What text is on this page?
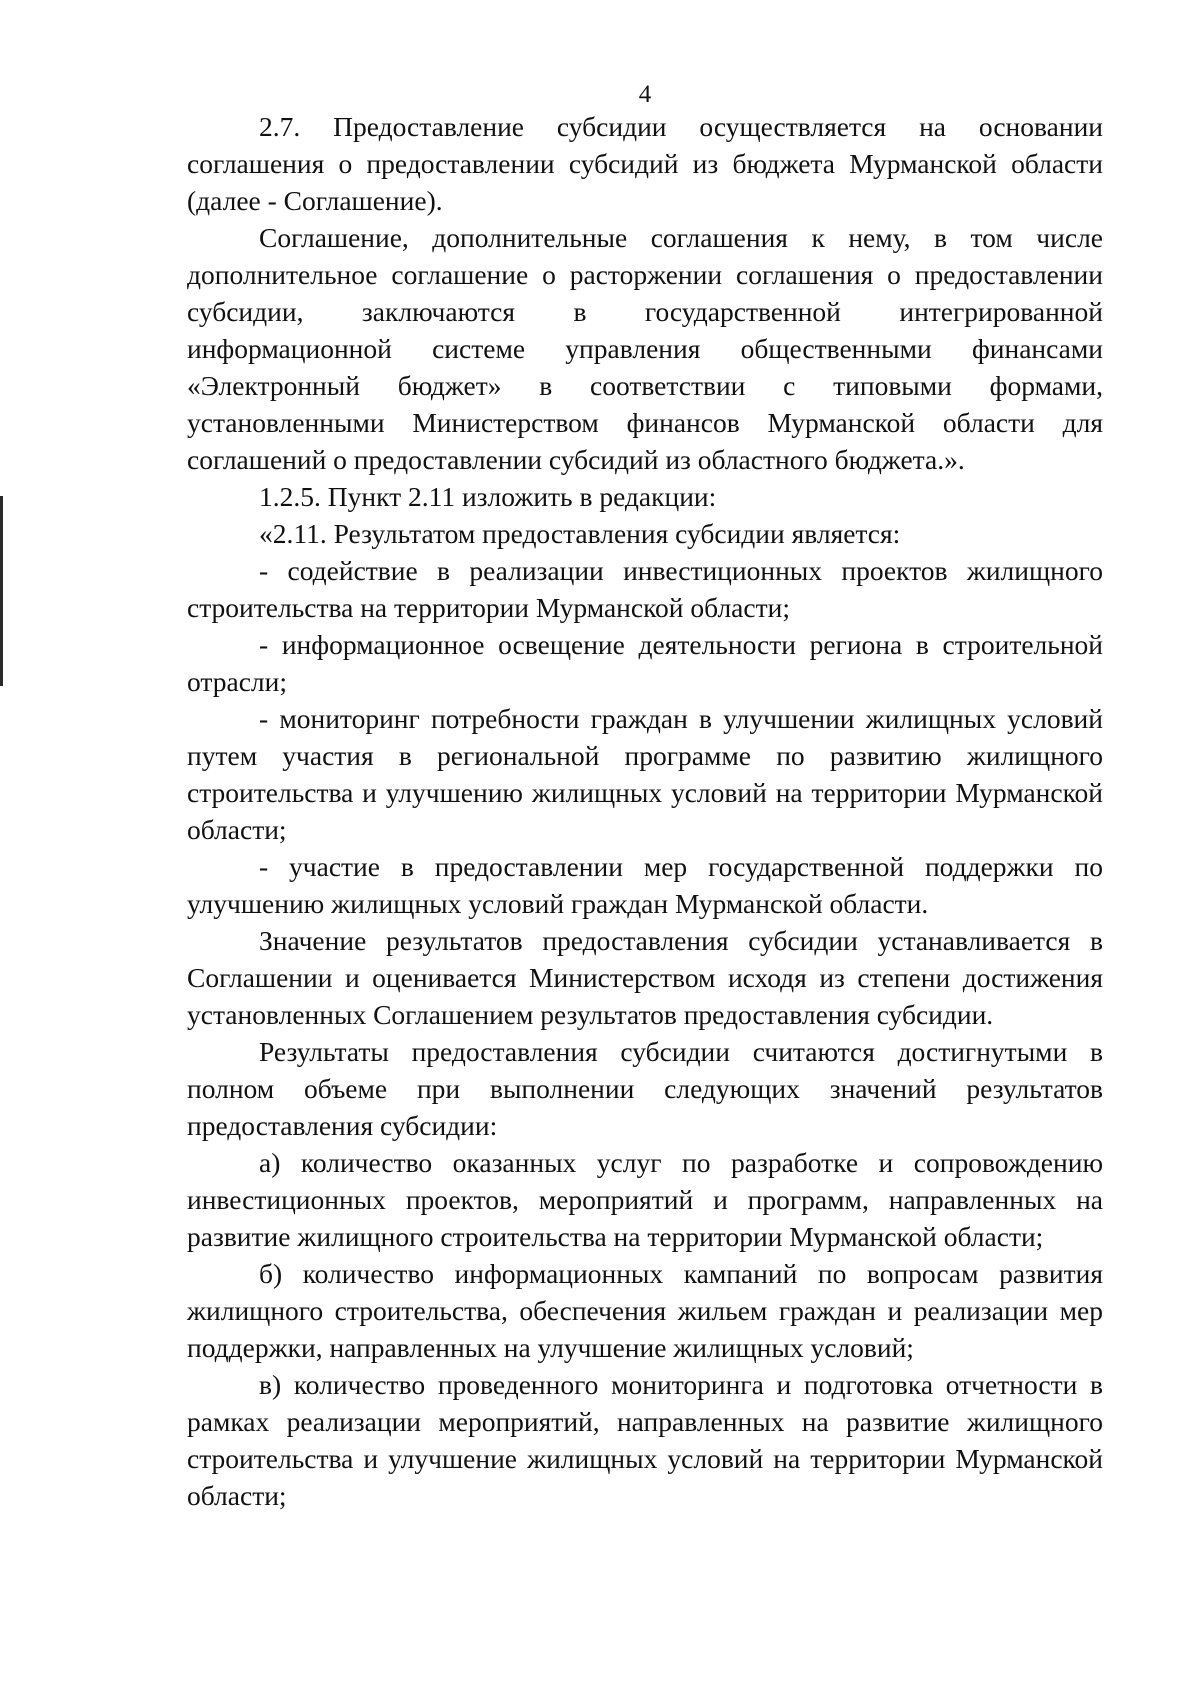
4

2.7. Предоставление субсидии осуществляется на основании соглашения о предоставлении субсидий из бюджета Мурманской области (далее - Соглашение).

Соглашение, дополнительные соглашения к нему, в том числе дополнительное соглашение о расторжении соглашения о предоставлении субсидии, заключаются в государственной интегрированной информационной системе управления общественными финансами «Электронный бюджет» в соответствии с типовыми формами, установленными Министерством финансов Мурманской области для соглашений о предоставлении субсидий из областного бюджета.».

1.2.5. Пункт 2.11 изложить в редакции:

«2.11. Результатом предоставления субсидии является:

- содействие в реализации инвестиционных проектов жилищного строительства на территории Мурманской области;

- информационное освещение деятельности региона в строительной отрасли;

- мониторинг потребности граждан в улучшении жилищных условий путем участия в региональной программе по развитию жилищного строительства и улучшению жилищных условий на территории Мурманской области;

- участие в предоставлении мер государственной поддержки по улучшению жилищных условий граждан Мурманской области.

Значение результатов предоставления субсидии устанавливается в Соглашении и оценивается Министерством исходя из степени достижения установленных Соглашением результатов предоставления субсидии.

Результаты предоставления субсидии считаются достигнутыми в полном объеме при выполнении следующих значений результатов предоставления субсидии:

а) количество оказанных услуг по разработке и сопровождению инвестиционных проектов, мероприятий и программ, направленных на развитие жилищного строительства на территории Мурманской области;

б) количество информационных кампаний по вопросам развития жилищного строительства, обеспечения жильем граждан и реализации мер поддержки, направленных на улучшение жилищных условий;

в) количество проведенного мониторинга и подготовка отчетности в рамках реализации мероприятий, направленных на развитие жилищного строительства и улучшение жилищных условий на территории Мурманской области;
